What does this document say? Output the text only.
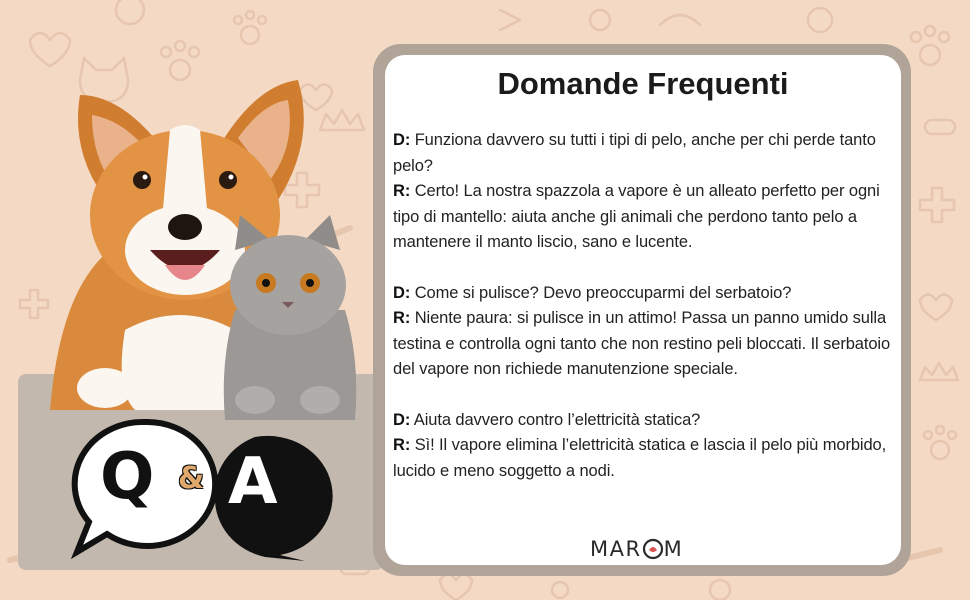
Q & A
Domande Frequenti
D: Funziona davvero su tutti i tipi di pelo, anche per chi perde tanto pelo?
R: Certo! La nostra spazzola a vapore è un alleato perfetto per ogni tipo di mantello: aiuta anche gli animali che perdono tanto pelo a mantenere il manto liscio, sano e lucente.
D: Come si pulisce? Devo preoccuparmi del serbatoio?
R: Niente paura: si pulisce in un attimo! Passa un panno umido sulla testina e controlla ogni tanto che non restino peli bloccati. Il serbatoio del vapore non richiede manutenzione speciale.
D: Aiuta davvero contro l’elettricità statica?
R: Sì! Il vapore elimina l’elettricità statica e lascia il pelo più morbido, lucido e meno soggetto a nodi.
MAR M
